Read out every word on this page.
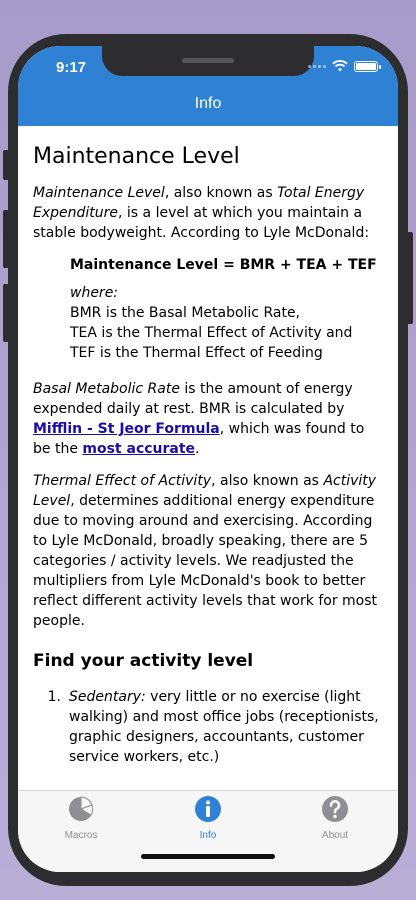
9:17
Info
Maintenance Level

Maintenance Level, also known as Total Energy Expenditure, is a level at which you maintain a stable bodyweight. According to Lyle McDonald:

Maintenance Level = BMR + TEA + TEF
where:
BMR is the Basal Metabolic Rate,
TEA is the Thermal Effect of Activity and
TEF is the Thermal Effect of Feeding

Basal Metabolic Rate is the amount of energy expended daily at rest. BMR is calculated by Mifflin - St Jeor Formula, which was found to be the most accurate.

Thermal Effect of Activity, also known as Activity Level, determines additional energy expenditure due to moving around and exercising. According to Lyle McDonald, broadly speaking, there are 5 categories / activity levels. We readjusted the multipliers from Lyle McDonald's book to better reflect different activity levels that work for most people.

Find your activity level
1. Sedentary: very little or no exercise (light walking) and most office jobs (receptionists, graphic designers, accountants, customer service workers, etc.)
Macros	Info	About
